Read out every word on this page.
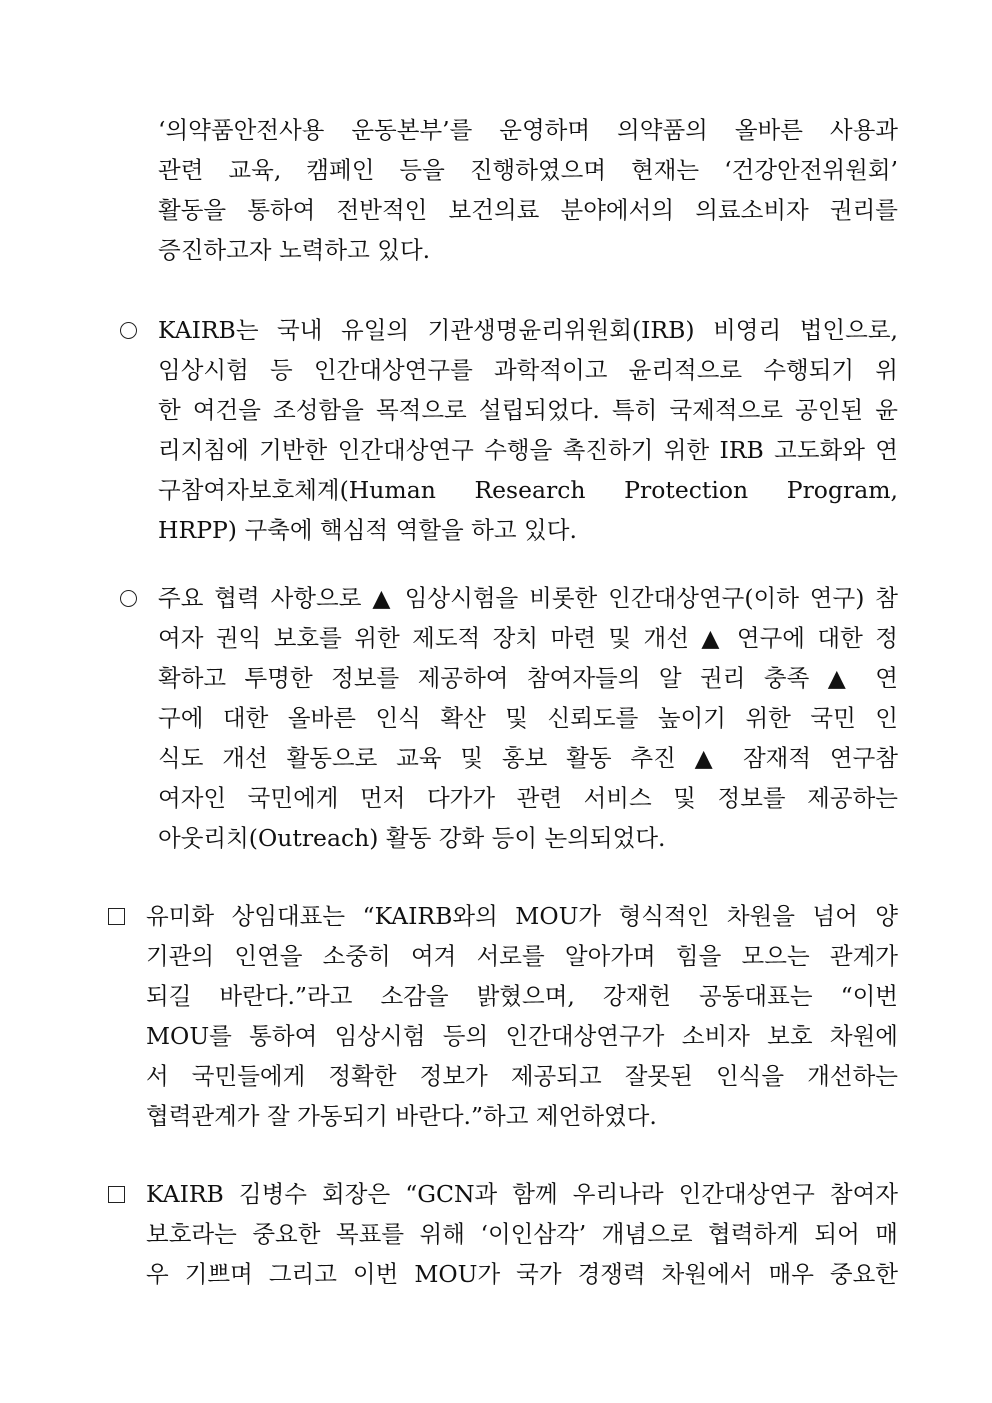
‘의약품안전사용 운동본부’를 운영하며 의약품의 올바른 사용과
관련 교육, 캠페인 등을 진행하였으며 현재는 ‘건강안전위원회’
활동을 통하여 전반적인 보건의료 분야에서의 의료소비자 권리를
증진하고자 노력하고 있다.
KAIRB는 국내 유일의 기관생명윤리위원회(IRB) 비영리 법인으로,
임상시험 등 인간대상연구를 과학적이고 윤리적으로 수행되기 위
한 여건을 조성함을 목적으로 설립되었다. 특히 국제적으로 공인된 윤
리지침에 기반한 인간대상연구 수행을 촉진하기 위한 IRB 고도화와 연
구참여자보호체계(Human Research Protection Program,
HRPP) 구축에 핵심적 역할을 하고 있다.
주요 협력 사항으로 ▲ 임상시험을 비롯한 인간대상연구(이하 연구) 참
여자 권익 보호를 위한 제도적 장치 마련 및 개선 ▲ 연구에 대한 정
확하고 투명한 정보를 제공하여 참여자들의 알 권리 충족 ▲ 연
구에 대한 올바른 인식 확산 및 신뢰도를 높이기 위한 국민 인
식도 개선 활동으로 교육 및 홍보 활동 추진 ▲ 잠재적 연구참
여자인 국민에게 먼저 다가가 관련 서비스 및 정보를 제공하는
아웃리치(Outreach) 활동 강화 등이 논의되었다.
유미화 상임대표는 “KAIRB와의 MOU가 형식적인 차원을 넘어 양
기관의 인연을 소중히 여겨 서로를 알아가며 힘을 모으는 관계가
되길 바란다.”라고 소감을 밝혔으며, 강재헌 공동대표는 “이번
MOU를 통하여 임상시험 등의 인간대상연구가 소비자 보호 차원에
서 국민들에게 정확한 정보가 제공되고 잘못된 인식을 개선하는
협력관계가 잘 가동되기 바란다.”하고 제언하였다.
KAIRB 김병수 회장은 “GCN과 함께 우리나라 인간대상연구 참여자
보호라는 중요한 목표를 위해 ‘이인삼각’ 개념으로 협력하게 되어 매
우 기쁘며 그리고 이번 MOU가 국가 경쟁력 차원에서 매우 중요한
